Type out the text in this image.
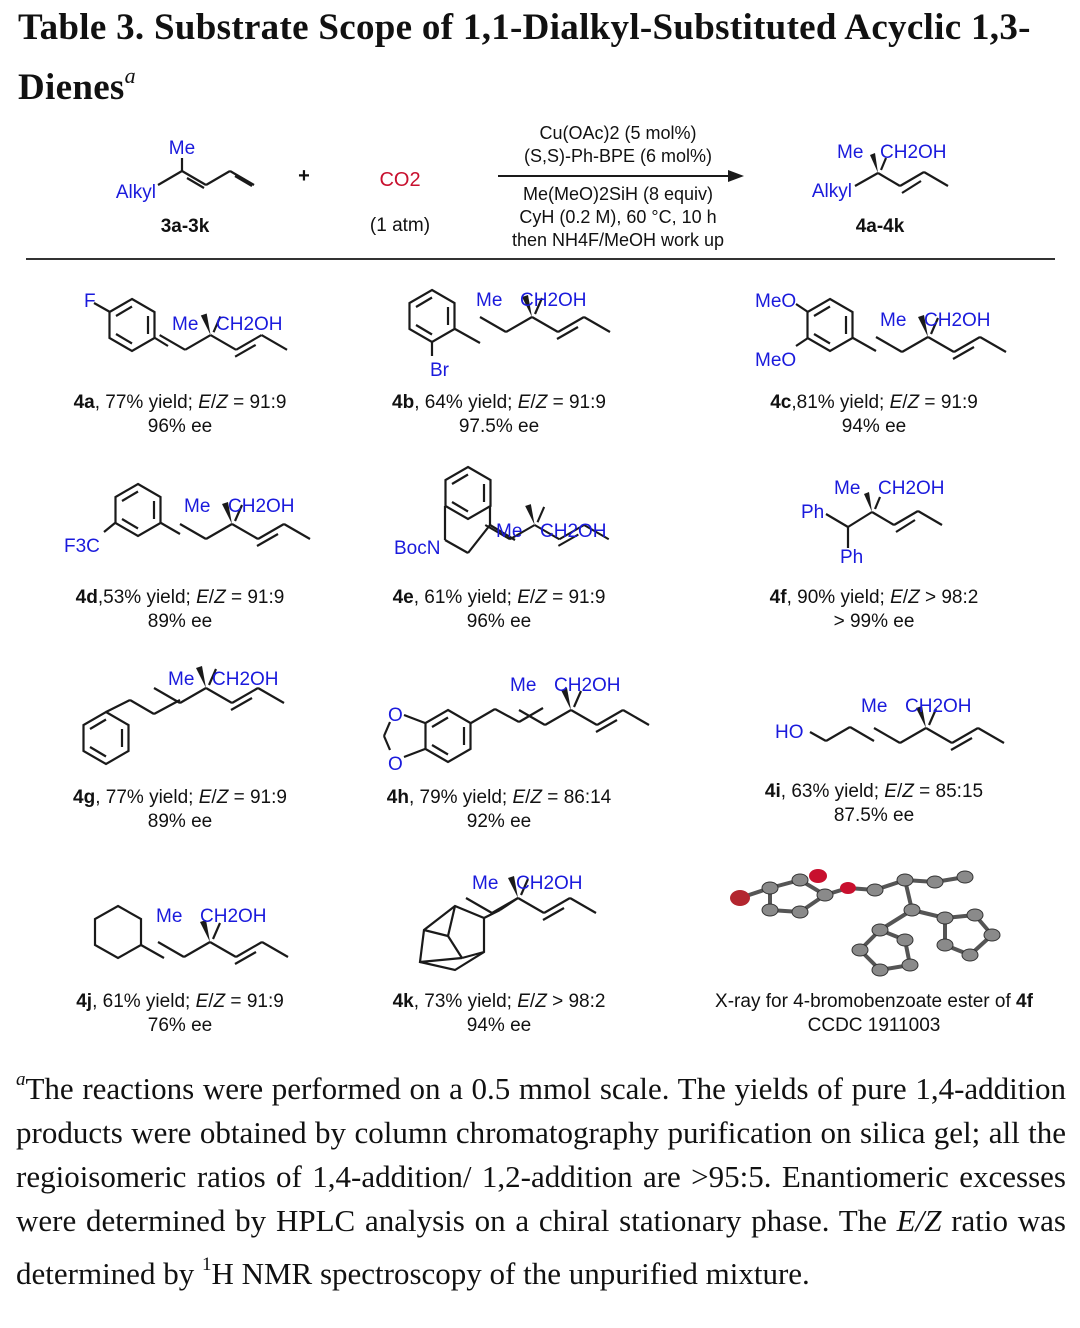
Table 3. Substrate Scope of 1,1-Dialkyl-Substituted Acyclic 1,3-Dienes$^a$
Me
Alkyl
3a-3k
+	CO2
(1 atm)
Cu(OAc)2 (5 mol%)
(S,S)-Ph-BPE (6 mol%)
Me(MeO)2SiH (8 equiv)
CyH (0.2 M), 60 °C, 10 h
then NH4F/MeOH work up
Me CH2OH
Alkyl
4a-4k
F
Me CH2OH
Br
Me CH2OH	MeO
MeO
Me CH2OH
F3C
Me CH2OH
BocN
Me CH2OH
Ph
Ph
Me CH2OH
Me CH2OH
O
O
Me CH2OH
HO
Me CH2OH
Me CH2OH
Me CH2OH
4a, 77% yield; E/Z = 91:9
96% ee
4b, 64% yield; E/Z = 91:9
97.5% ee
4c,81% yield; E/Z = 91:9
94% ee
4d,53% yield; E/Z = 91:9
89% ee
4e, 61% yield; E/Z = 91:9
96% ee
4f, 90% yield; E/Z > 98:2
> 99% ee
4g, 77% yield; E/Z = 91:9
89% ee
4h, 79% yield; E/Z = 86:14
92% ee
4i, 63% yield; E/Z = 85:15
87.5% ee
4j, 61% yield; E/Z = 91:9
76% ee
4k, 73% yield; E/Z > 98:2
94% ee
X-ray for 4-bromobenzoate ester of 4f
CCDC 1911003
$^a$The reactions were performed on a 0.5 mmol scale. The yields of pure 1,4-addition products were obtained by column chromatography purification on silica gel; all the regioisomeric ratios of 1,4-addition/ 1,2-addition are >95:5. Enantiomeric excesses were determined by HPLC analysis on a chiral stationary phase. The E/Z ratio was determined by $^1$H NMR spectroscopy of the unpurified mixture.
